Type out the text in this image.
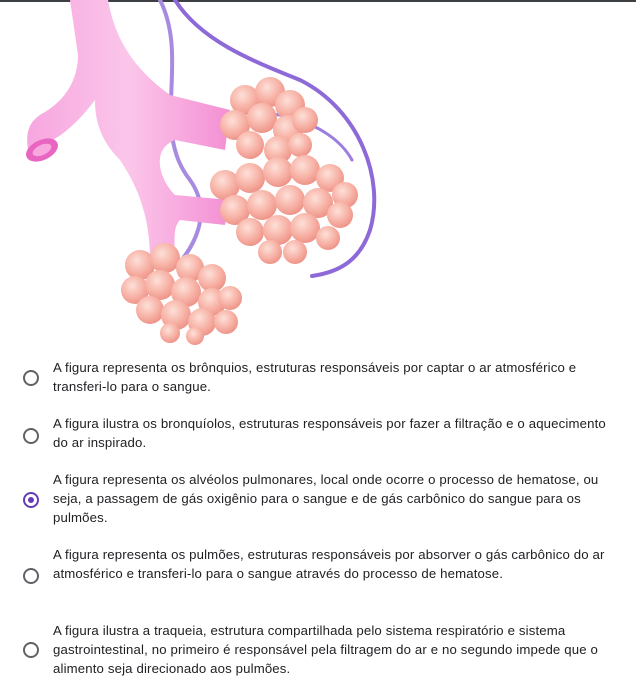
A figura representa os brônquios, estruturas responsáveis por captar o ar atmosférico e transferi-lo para o sangue.
A figura ilustra os bronquíolos, estruturas responsáveis por fazer a filtração e o aquecimento do ar inspirado.
A figura representa os alvéolos pulmonares, local onde ocorre o processo de hematose, ou seja, a passagem de gás oxigênio para o sangue e de gás carbônico do sangue para os pulmões.
A figura representa os pulmões, estruturas responsáveis por absorver o gás carbônico do ar atmosférico e transferi-lo para o sangue através do processo de hematose.
A figura ilustra a traqueia, estrutura compartilhada pelo sistema respiratório e sistema gastrointestinal, no primeiro é responsável pela filtragem do ar e no segundo impede que o alimento seja direcionado aos pulmões.
